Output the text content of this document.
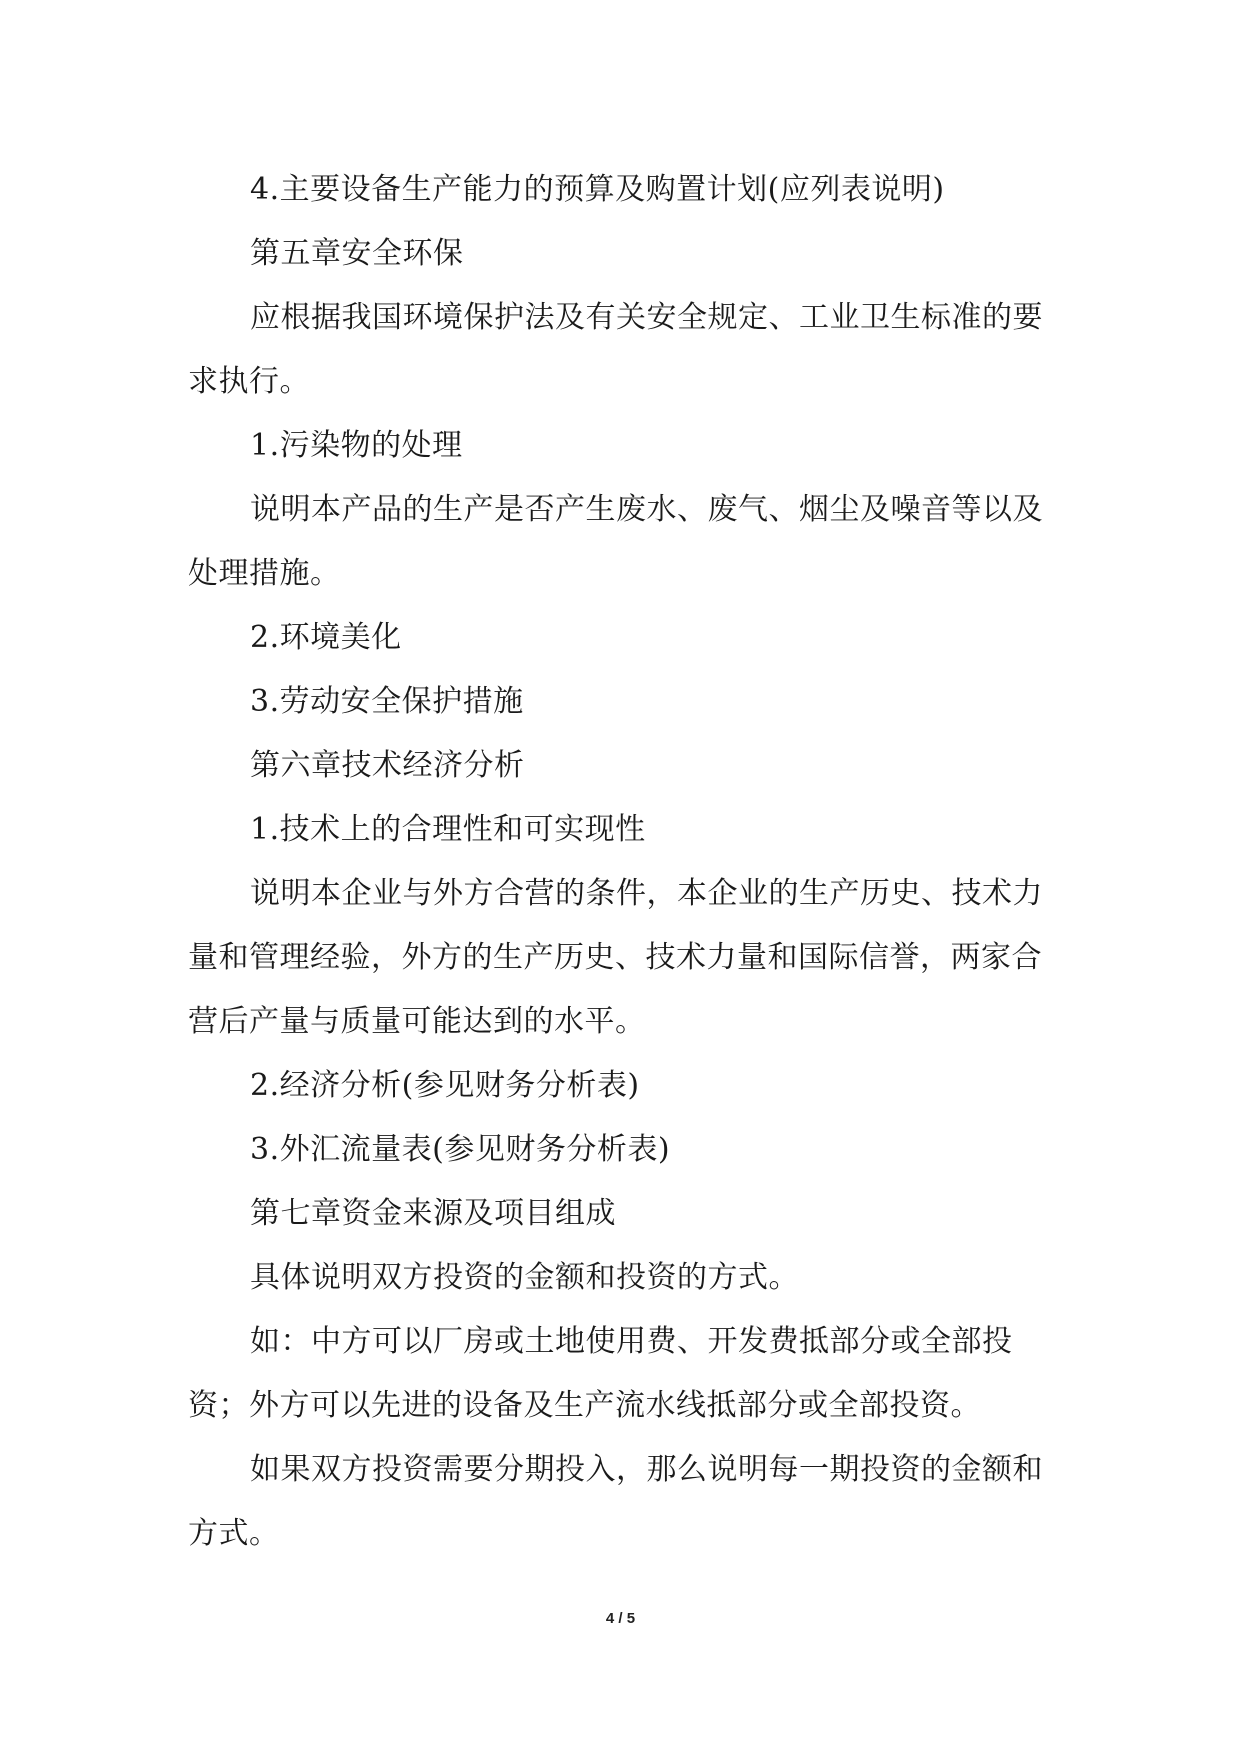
4.主要设备生产能力的预算及购置计划(应列表说明)

第五章安全环保

应根据我国环境保护法及有关安全规定、工业卫生标准的要求执行。

1.污染物的处理

说明本产品的生产是否产生废水、废气、烟尘及噪音等以及处理措施。

2.环境美化

3.劳动安全保护措施

第六章技术经济分析

1.技术上的合理性和可实现性

说明本企业与外方合营的条件，本企业的生产历史、技术力量和管理经验，外方的生产历史、技术力量和国际信誉，两家合营后产量与质量可能达到的水平。

2.经济分析(参见财务分析表)

3.外汇流量表(参见财务分析表)

第七章资金来源及项目组成

具体说明双方投资的金额和投资的方式。

如：中方可以厂房或土地使用费、开发费抵部分或全部投资；外方可以先进的设备及生产流水线抵部分或全部投资。

如果双方投资需要分期投入，那么说明每一期投资的金额和方式。

4 / 5
